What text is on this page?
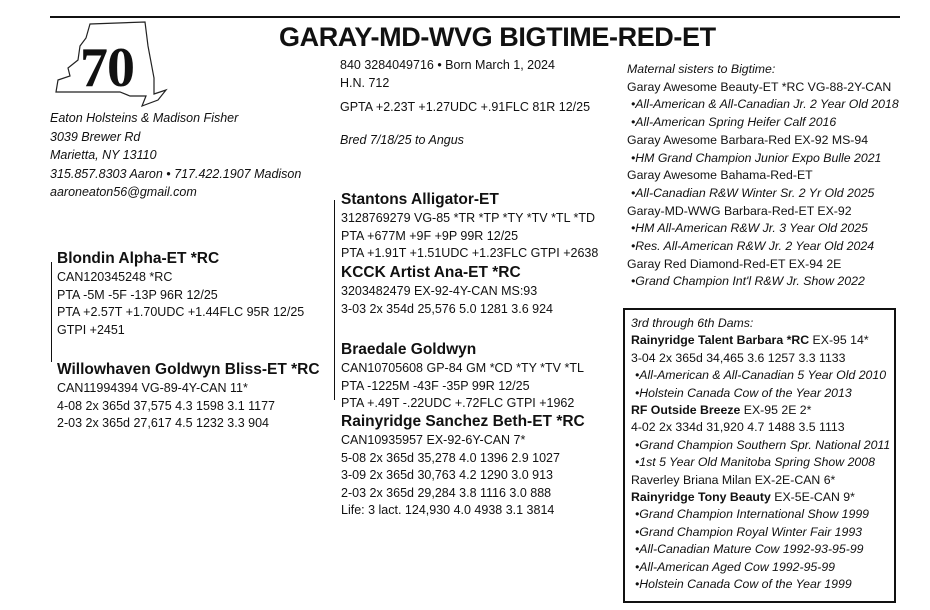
70	GARAY-MD-WVG BIGTIME-RED-ET
Eaton Holsteins & Madison Fisher
3039 Brewer Rd
Marietta, NY 13110
315.857.8303 Aaron • 717.422.1907 Madison
aaroneaton56@gmail.com
840 3284049716 • Born March 1, 2024
H.N. 712
GPTA +2.23T +1.27UDC +.91FLC 81R 12/25
Bred 7/18/25 to Angus
Blondin Alpha-ET *RC
CAN120345248 *RC
PTA -5M -5F -13P 96R 12/25
PTA +2.57T +1.70UDC +1.44FLC 95R 12/25
GTPI +2451
Willowhaven Goldwyn Bliss-ET *RC
CAN11994394 VG-89-4Y-CAN 11*
4-08 2x 365d 37,575 4.3 1598 3.1 1177
2-03 2x 365d 27,617 4.5 1232 3.3 904
Stantons Alligator-ET
3128769279 VG-85 *TR *TP *TY *TV *TL *TD
PTA +677M +9F +9P 99R 12/25
PTA +1.91T +1.51UDC +1.23FLC GTPI +2638
KCCK Artist Ana-ET *RC
3203482479 EX-92-4Y-CAN MS:93
3-03 2x 354d 25,576 5.0 1281 3.6 924
Braedale Goldwyn
CAN10705608 GP-84 GM *CD *TY *TV *TL
PTA -1225M -43F -35P 99R 12/25
PTA +.49T -.22UDC +.72FLC GTPI +1962
Rainyridge Sanchez Beth-ET *RC
CAN10935957 EX-92-6Y-CAN 7*
5-08 2x 365d 35,278 4.0 1396 2.9 1027
3-09 2x 365d 30,763 4.2 1290 3.0 913
2-03 2x 365d 29,284 3.8 1116 3.0 888
Life: 3 lact. 124,930 4.0 4938 3.1 3814
Maternal sisters to Bigtime:
Garay Awesome Beauty-ET *RC VG-88-2Y-CAN
•All-American & All-Canadian Jr. 2 Year Old 2018
•All-American Spring Heifer Calf 2016
Garay Awesome Barbara-Red EX-92 MS-94
•HM Grand Champion Junior Expo Bulle 2021
Garay Awesome Bahama-Red-ET
•All-Canadian R&W Winter Sr. 2 Yr Old 2025
Garay-MD-WWG Barbara-Red-ET EX-92
•HM All-American R&W Jr. 3 Year Old 2025
•Res. All-American R&W Jr. 2 Year Old 2024
Garay Red Diamond-Red-ET EX-94 2E
•Grand Champion Int'l R&W Jr. Show 2022
3rd through 6th Dams:
Rainyridge Talent Barbara *RC EX-95 14*
3-04 2x 365d 34,465 3.6 1257 3.3 1133
•All-American & All-Canadian 5 Year Old 2010
•Holstein Canada Cow of the Year 2013
RF Outside Breeze EX-95 2E 2*
4-02 2x 334d 31,920 4.7 1488 3.5 1113
•Grand Champion Southern Spr. National 2011
•1st 5 Year Old Manitoba Spring Show 2008
Raverley Briana Milan EX-2E-CAN 6*
Rainyridge Tony Beauty EX-5E-CAN 9*
•Grand Champion International Show 1999
•Grand Champion Royal Winter Fair 1993
•All-Canadian Mature Cow 1992-93-95-99
•All-American Aged Cow 1992-95-99
•Holstein Canada Cow of the Year 1999
